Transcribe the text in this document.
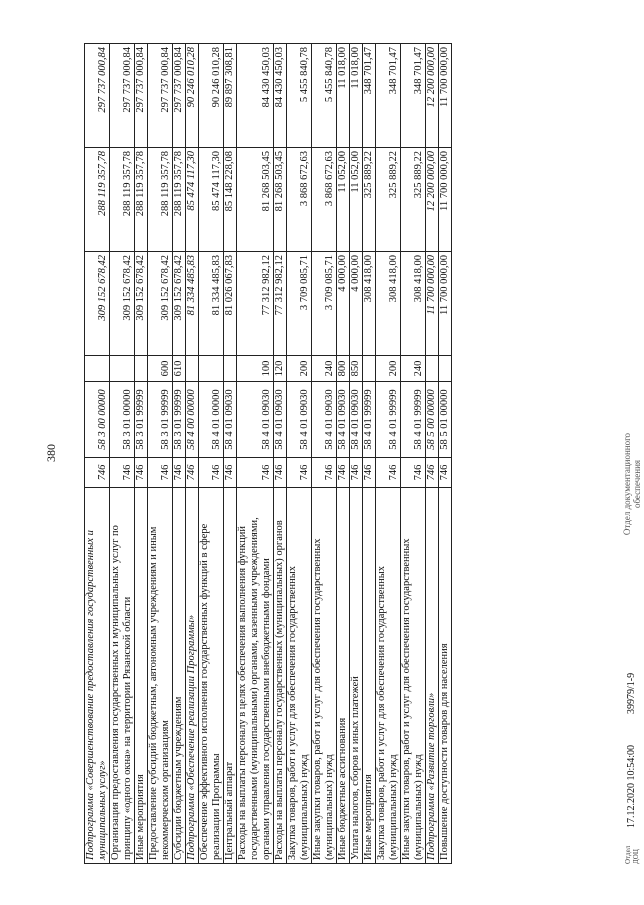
380
Подпрограмма «Совершенствование предоставления государственных и муниципальных услуг»	746	58 3 00 00000		309 152 678,42	288 119 357,78	297 737 000,84
Организация предоставления государственных и муниципальных услуг по принципу «одного окна» на территории Рязанской области	746	58 3 01 00000		309 152 678,42	288 119 357,78	297 737 000,84
Иные мероприятия	746	58 3 01 99999		309 152 678,42	288 119 357,78	297 737 000,84
Предоставление субсидий бюджетным, автономным учреждениям и иным некоммерческим организациям	746	58 3 01 99999	600	309 152 678,42	288 119 357,78	297 737 000,84
Субсидии бюджетным учреждениям	746	58 3 01 99999	610	309 152 678,42	288 119 357,78	297 737 000,84
Подпрограмма «Обеспечение реализации Программы»	746	58 4 00 00000		81 334 485,83	85 474 117,30	90 246 010,28
Обеспечение эффективного исполнения государственных функций в сфере реализации Программы	746	58 4 01 00000		81 334 485,83	85 474 117,30	90 246 010,28
Центральный аппарат	746	58 4 01 09030		81 026 067,83	85 148 228,08	89 897 308,81
Расходы на выплаты персоналу в целях обеспечения выполнения функций государственными (муниципальными) органами, казенными учреждениями, органами управления государственными внебюджетными фондами	746	58 4 01 09030	100	77 312 982,12	81 268 503,45	84 430 450,03
Расходы на выплаты персоналу государственных (муниципальных) органов	746	58 4 01 09030	120	77 312 982,12	81 268 503,45	84 430 450,03
Закупка товаров, работ и услуг для обеспечения государственных (муниципальных) нужд	746	58 4 01 09030	200	3 709 085,71	3 868 672,63	5 455 840,78
Иные закупки товаров, работ и услуг для обеспечения государственных (муниципальных) нужд	746	58 4 01 09030	240	3 709 085,71	3 868 672,63	5 455 840,78
Иные бюджетные ассигнования	746	58 4 01 09030	800	4 000,00	11 052,00	11 018,00
Уплата налогов, сборов и иных платежей	746	58 4 01 09030	850	4 000,00	11 052,00	11 018,00
Иные мероприятия	746	58 4 01 99999		308 418,00	325 889,22	348 701,47
Закупка товаров, работ и услуг для обеспечения государственных (муниципальных) нужд	746	58 4 01 99999	200	308 418,00	325 889,22	348 701,47
Иные закупки товаров, работ и услуг для обеспечения государственных (муниципальных) нужд	746	58 4 01 99999	240	308 418,00	325 889,22	348 701,47
Подпрограмма «Развитие торговли»	746	58 5 00 00000		11 700 000,00	12 200 000,00	12 200 000,00
Повышение доступности товаров для населения	746	58 5 01 00000		11 700 000,00	11 700 000,00	11 700 000,00
Отдел ДОЦ
17.12.2020 10:54:00
39979/1-9
Отдел документационного обеспечения
